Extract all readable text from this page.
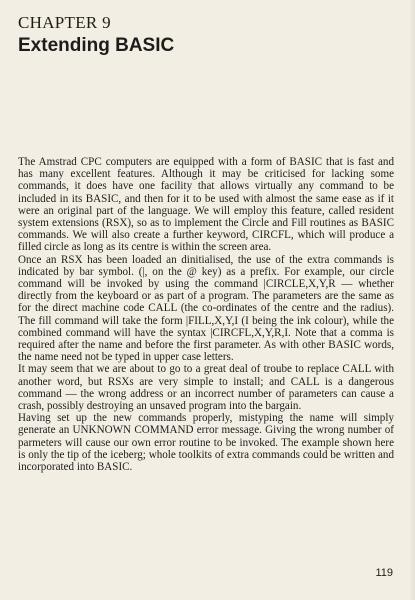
CHAPTER 9
Extending BASIC

The Amstrad CPC computers are equipped with a form of BASIC that is fast and has many excellent features. Although it may be criticised for lacking some commands, it does have one facility that allows virtually any command to be included in its BASIC, and then for it to be used with almost the same ease as if it were an original part of the language. We will employ this feature, called resident system extensions (RSX), so as to implement the Circle and Fill routines as BASIC commands. We will also create a further keyword, CIRCFL, which will produce a filled circle as long as its centre is within the screen area.

Once an RSX has been loaded an dinitialised, the use of the extra commands is indicated by bar symbol. (|, on the @ key) as a prefix. For example, our circle command will be invoked by using the command |CIRCLE,X,Y,R — whether directly from the keyboard or as part of a program. The parameters are the same as for the direct machine code CALL (the co-ordinates of the centre and the radius). The fill command will take the form |FILL,X,Y,I (I being the ink colour), while the combined command will have the syntax |CIRCFL,X,Y,R,I. Note that a comma is required after the name and before the first parameter. As with other BASIC words, the name need not be typed in upper case letters.

It may seem that we are about to go to a great deal of troube to replace CALL with another word, but RSXs are very simple to install; and CALL is a dangerous command — the wrong address or an incorrect number of parameters can cause a crash, possibly destroying an unsaved program into the bargain.

Having set up the new commands properly, mistyping the name will simply generate an UNKNOWN COMMAND error message. Giving the wrong number of parmeters will cause our own error routine to be invoked. The example shown here is only the tip of the iceberg; whole toolkits of extra commands could be written and incorporated into BASIC.

119
